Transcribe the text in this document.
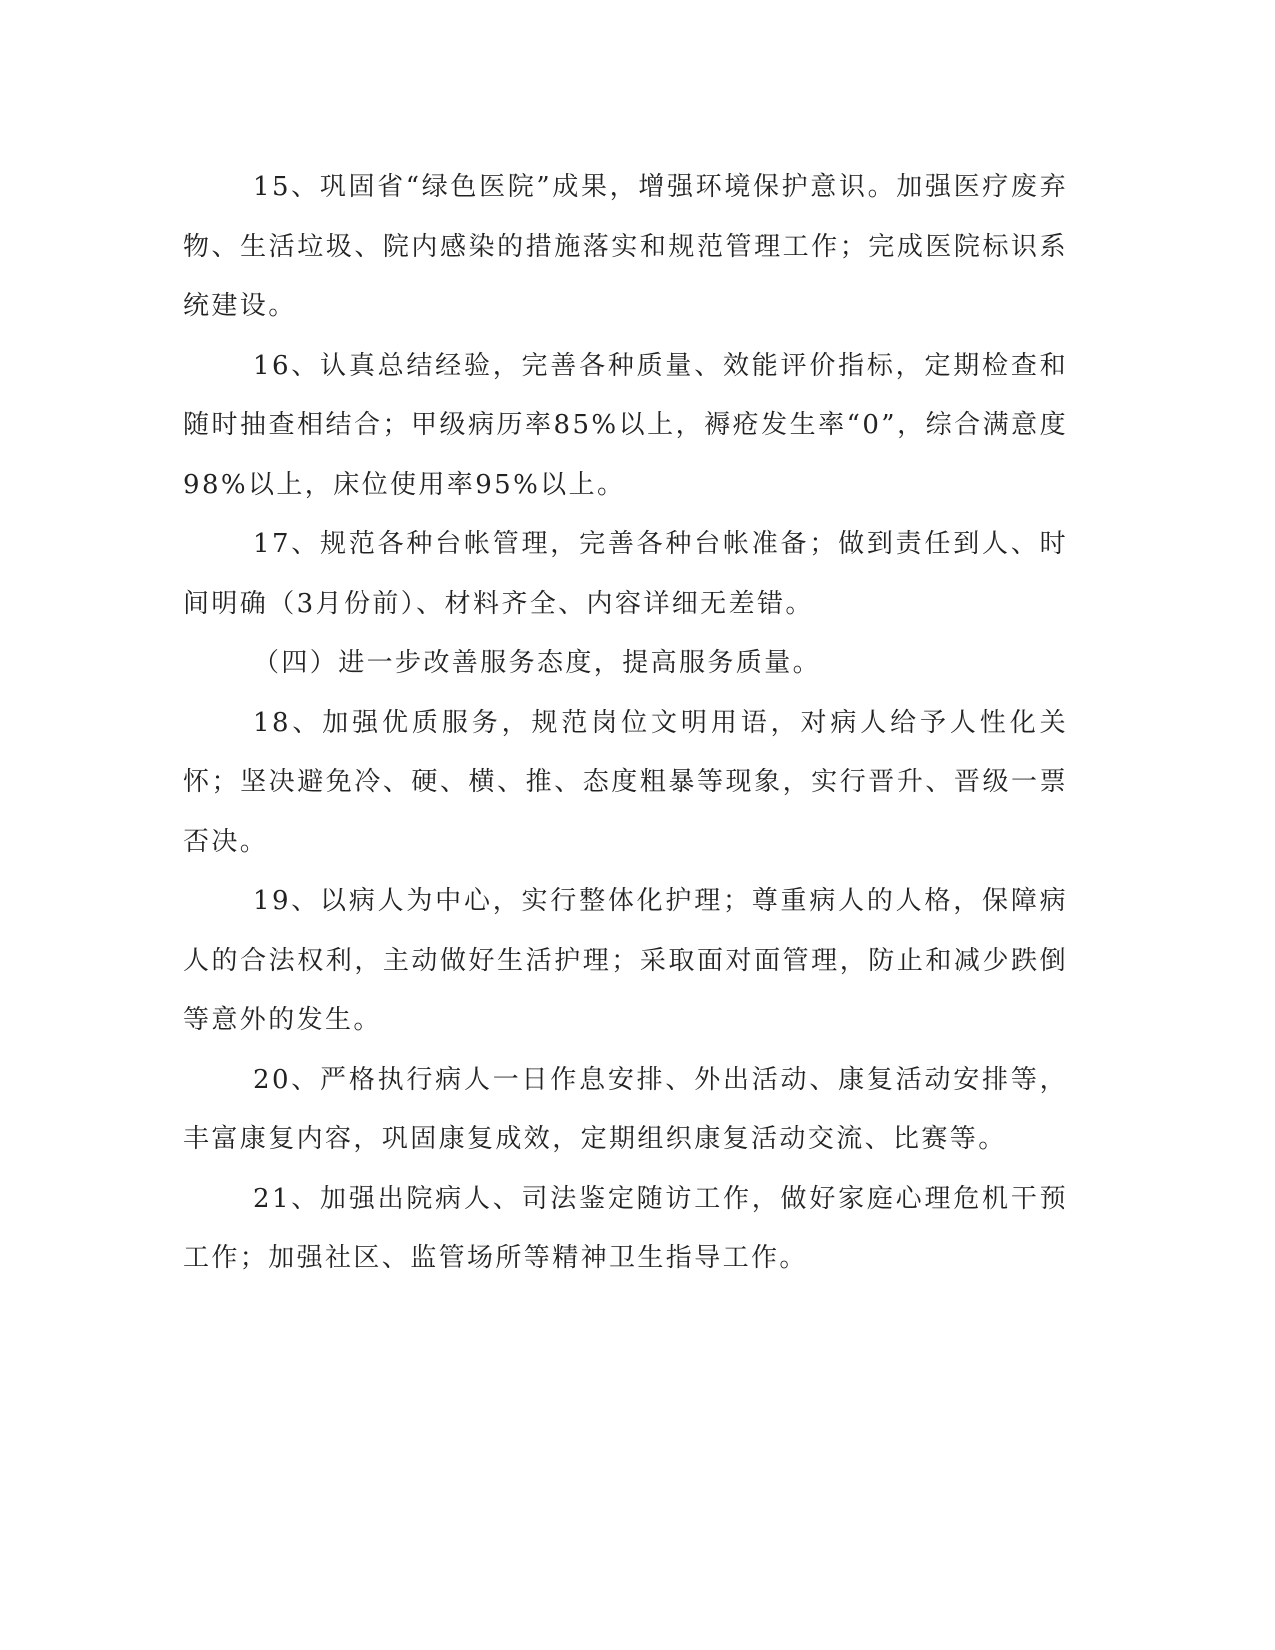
15、巩固省“绿色医院”成果，增强环境保护意识。加强医疗废弃物、生活垃圾、院内感染的措施落实和规范管理工作；完成医院标识系统建设。

16、认真总结经验，完善各种质量、效能评价指标，定期检查和随时抽查相结合；甲级病历率85%以上，褥疮发生率“0”，综合满意度98%以上，床位使用率95%以上。

17、规范各种台帐管理，完善各种台帐准备；做到责任到人、时间明确（3月份前）、材料齐全、内容详细无差错。

（四）进一步改善服务态度，提高服务质量。

18、加强优质服务，规范岗位文明用语，对病人给予人性化关怀；坚决避免冷、硬、横、推、态度粗暴等现象，实行晋升、晋级一票否决。

19、以病人为中心，实行整体化护理；尊重病人的人格，保障病人的合法权利，主动做好生活护理；采取面对面管理，防止和减少跌倒等意外的发生。

20、严格执行病人一日作息安排、外出活动、康复活动安排等，丰富康复内容，巩固康复成效，定期组织康复活动交流、比赛等。

21、加强出院病人、司法鉴定随访工作，做好家庭心理危机干预工作；加强社区、监管场所等精神卫生指导工作。
